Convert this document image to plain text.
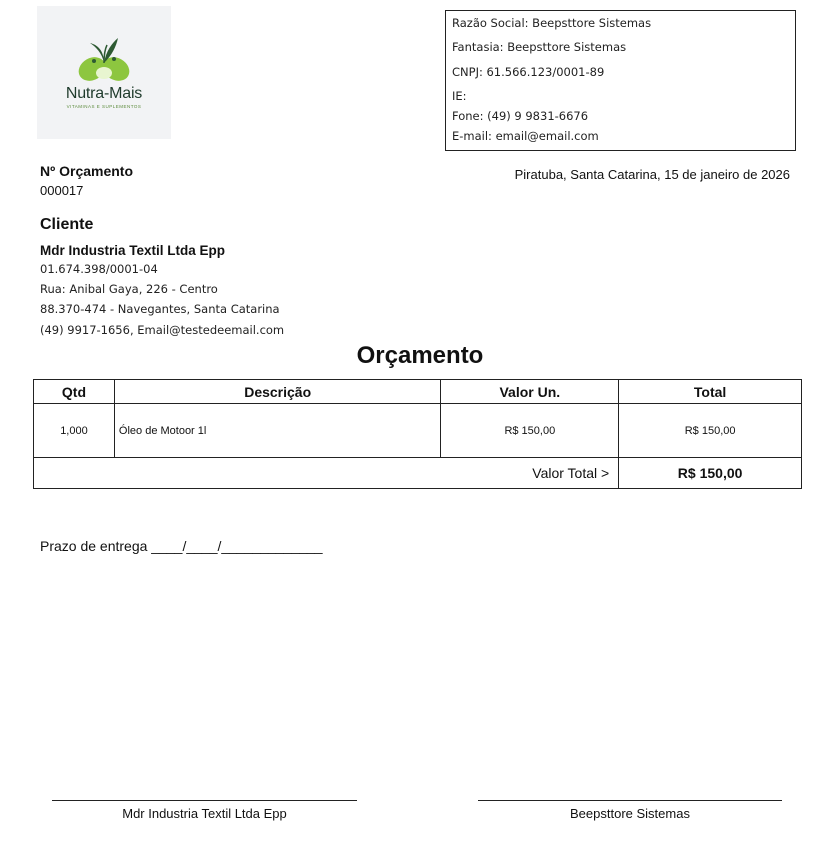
Nutra-Mais
VITAMINAS E SUPLEMENTOS
Razão Social: Beepsttore Sistemas
Fantasia: Beepsttore Sistemas
CNPJ: 61.566.123/0001-89
IE:
Fone: (49) 9 9831-6676
E-mail: email@email.com
Nº Orçamento
000017
Piratuba, Santa Catarina, 15 de janeiro de 2026
Cliente
Mdr Industria Textil Ltda Epp
01.674.398/0001-04
Rua: Anibal Gaya, 226 - Centro
88.370-474 - Navegantes, Santa Catarina
(49) 9917-1656, Email@testedeemail.com
Orçamento
Qtd	Descrição	Valor Un.	Total
1,000	Óleo de Motoor 1l	R$ 150,00	R$ 150,00
Valor Total >			R$ 150,00
Prazo de entrega ____/____/_____________
Mdr Industria Textil Ltda Epp	Beepsttore Sistemas
